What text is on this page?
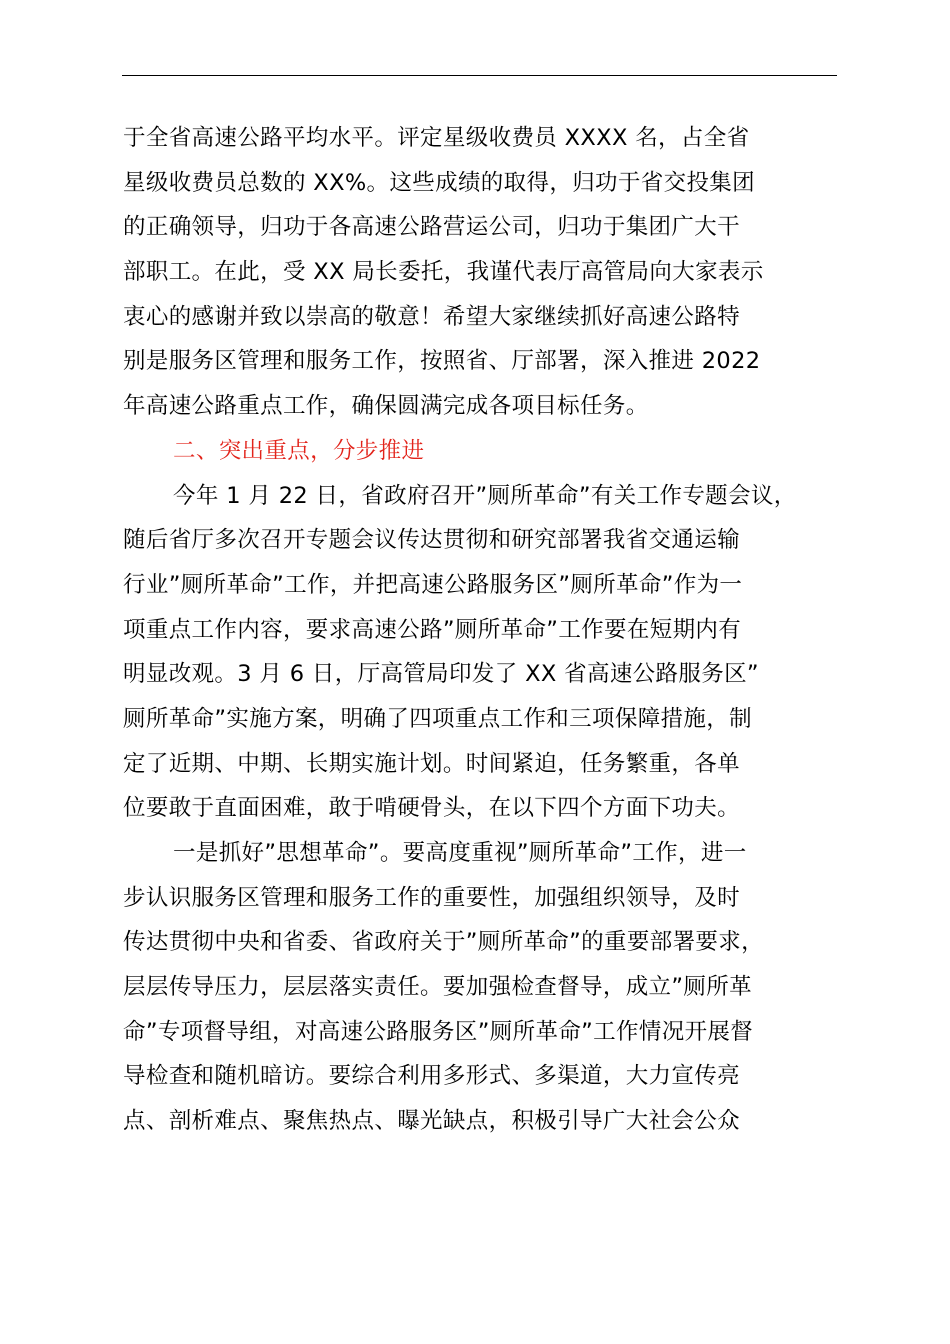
于全省高速公路平均水平。评定星级收费员 XXXX 名，占全省
星级收费员总数的 XX%。这些成绩的取得，归功于省交投集团
的正确领导，归功于各高速公路营运公司，归功于集团广大干
部职工。在此，受 XX 局长委托，我谨代表厅高管局向大家表示
衷心的感谢并致以崇高的敬意！希望大家继续抓好高速公路特
别是服务区管理和服务工作，按照省、厅部署，深入推进 2022
年高速公路重点工作，确保圆满完成各项目标任务。
二、突出重点，分步推进
今年 1 月 22 日，省政府召开”厕所革命”有关工作专题会议，
随后省厅多次召开专题会议传达贯彻和研究部署我省交通运输
行业”厕所革命”工作，并把高速公路服务区”厕所革命”作为一
项重点工作内容，要求高速公路”厕所革命”工作要在短期内有
明显改观。3 月 6 日，厅高管局印发了 XX 省高速公路服务区”
厕所革命”实施方案，明确了四项重点工作和三项保障措施，制
定了近期、中期、长期实施计划。时间紧迫，任务繁重，各单
位要敢于直面困难，敢于啃硬骨头，在以下四个方面下功夫。
一是抓好”思想革命”。要高度重视”厕所革命”工作，进一
步认识服务区管理和服务工作的重要性，加强组织领导，及时
传达贯彻中央和省委、省政府关于”厕所革命”的重要部署要求，
层层传导压力，层层落实责任。要加强检查督导，成立”厕所革
命”专项督导组，对高速公路服务区”厕所革命”工作情况开展督
导检查和随机暗访。要综合利用多形式、多渠道，大力宣传亮
点、剖析难点、聚焦热点、曝光缺点，积极引导广大社会公众
